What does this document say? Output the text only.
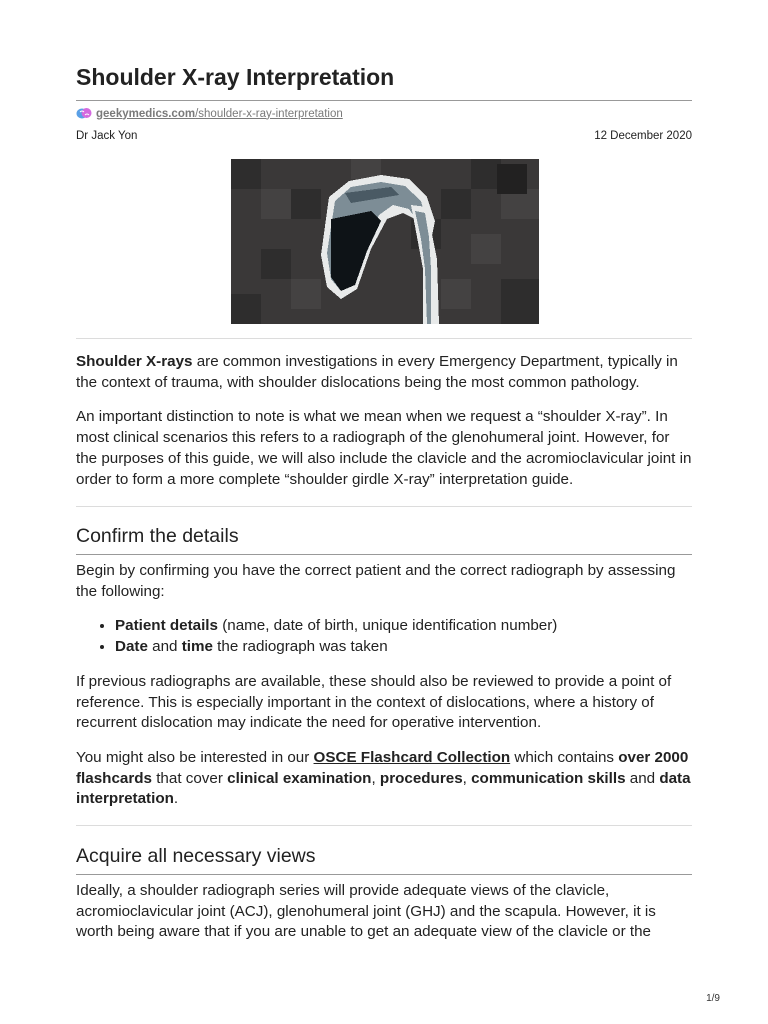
Shoulder X-ray Interpretation
geekymedics.com/shoulder-x-ray-interpretation
Dr Jack Yon	12 December 2020

Shoulder X-rays are common investigations in every Emergency Department, typically in the context of trauma, with shoulder dislocations being the most common pathology.

An important distinction to note is what we mean when we request a “shoulder X-ray”. In most clinical scenarios this refers to a radiograph of the glenohumeral joint. However, for the purposes of this guide, we will also include the clavicle and the acromioclavicular joint in order to form a more complete “shoulder girdle X-ray” interpretation guide.

Confirm the details

Begin by confirming you have the correct patient and the correct radiograph by assessing the following:

• Patient details (name, date of birth, unique identification number)
• Date and time the radiograph was taken

If previous radiographs are available, these should also be reviewed to provide a point of reference. This is especially important in the context of dislocations, where a history of recurrent dislocation may indicate the need for operative intervention.

You might also be interested in our OSCE Flashcard Collection which contains over 2000 flashcards that cover clinical examination, procedures, communication skills and data interpretation.

Acquire all necessary views

Ideally, a shoulder radiograph series will provide adequate views of the clavicle, acromioclavicular joint (ACJ), glenohumeral joint (GHJ) and the scapula. However, it is worth being aware that if you are unable to get an adequate view of the clavicle or the

1/9
